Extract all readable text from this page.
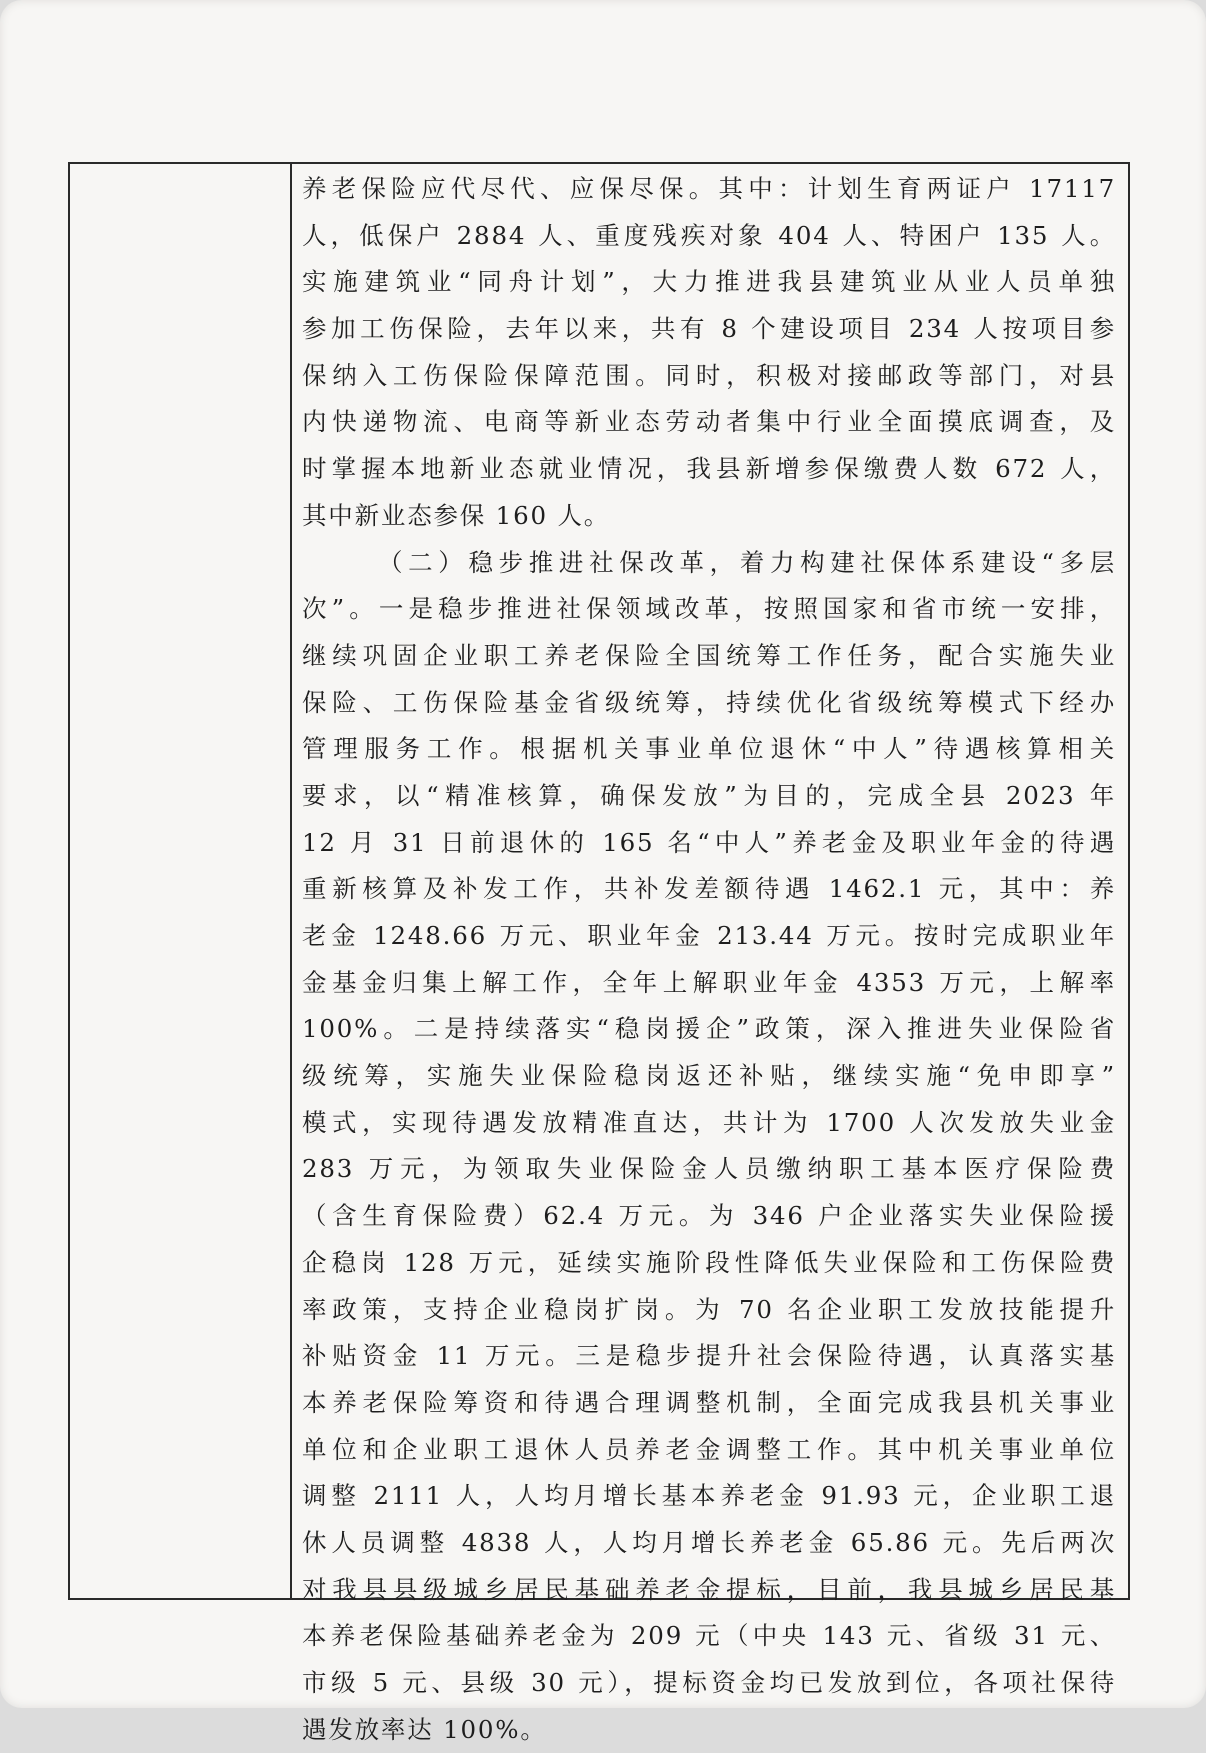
养老保险应代尽代、应保尽保。其中：计划生育两证户 17117
人，低保户 2884 人、重度残疾对象 404 人、特困户 135 人。
实施建筑业“同舟计划”，大力推进我县建筑业从业人员单独
参加工伤保险，去年以来，共有 8 个建设项目 234 人按项目参
保纳入工伤保险保障范围。同时，积极对接邮政等部门，对县
内快递物流、电商等新业态劳动者集中行业全面摸底调查，及
时掌握本地新业态就业情况，我县新增参保缴费人数 672 人，
其中新业态参保 160 人。
（二）稳步推进社保改革，着力构建社保体系建设“多层
次”。一是稳步推进社保领域改革，按照国家和省市统一安排，
继续巩固企业职工养老保险全国统筹工作任务，配合实施失业
保险、工伤保险基金省级统筹，持续优化省级统筹模式下经办
管理服务工作。根据机关事业单位退休“中人”待遇核算相关
要求，以“精准核算，确保发放”为目的，完成全县 2023 年
12 月 31 日前退休的 165 名“中人”养老金及职业年金的待遇
重新核算及补发工作，共补发差额待遇 1462.1 元，其中：养
老金 1248.66 万元、职业年金 213.44 万元。按时完成职业年
金基金归集上解工作，全年上解职业年金 4353 万元，上解率
100%。二是持续落实“稳岗援企”政策，深入推进失业保险省
级统筹，实施失业保险稳岗返还补贴，继续实施“免申即享”
模式，实现待遇发放精准直达，共计为 1700 人次发放失业金
283 万元，为领取失业保险金人员缴纳职工基本医疗保险费
（含生育保险费）62.4 万元。为 346 户企业落实失业保险援
企稳岗 128 万元，延续实施阶段性降低失业保险和工伤保险费
率政策，支持企业稳岗扩岗。为 70 名企业职工发放技能提升
补贴资金 11 万元。三是稳步提升社会保险待遇，认真落实基
本养老保险筹资和待遇合理调整机制，全面完成我县机关事业
单位和企业职工退休人员养老金调整工作。其中机关事业单位
调整 2111 人，人均月增长基本养老金 91.93 元，企业职工退
休人员调整 4838 人，人均月增长养老金 65.86 元。先后两次
对我县县级城乡居民基础养老金提标，目前，我县城乡居民基
本养老保险基础养老金为 209 元（中央 143 元、省级 31 元、
市级 5 元、县级 30 元），提标资金均已发放到位，各项社保待
遇发放率达 100%。
